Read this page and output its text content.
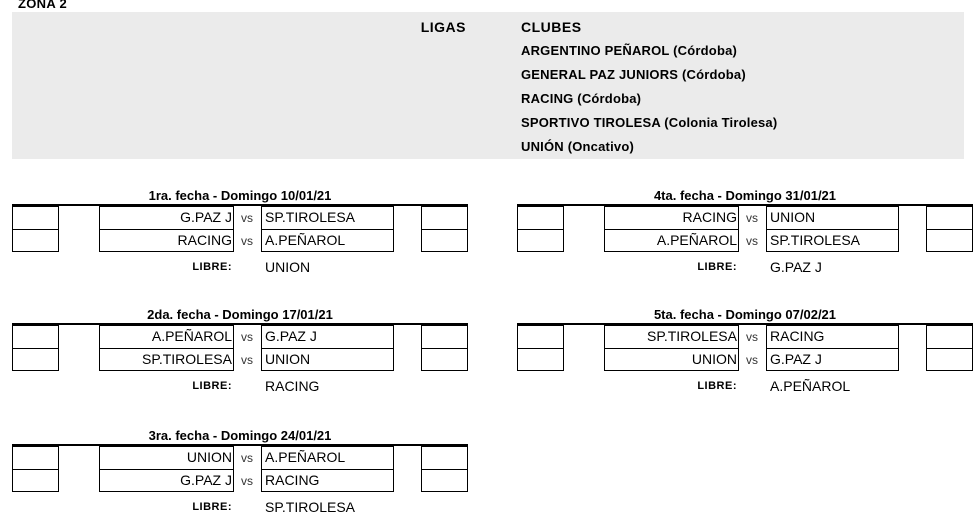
ZONA 2
LIGAS	CLUBES
ARGENTINO PEÑAROL (Córdoba)
GENERAL PAZ JUNIORS (Córdoba)
RACING (Córdoba)
SPORTIVO TIROLESA (Colonia Tirolesa)
UNIÓN (Oncativo)
1ra. fecha - Domingo 10/01/21
G.PAZ J vs SP.TIROLESA
RACING vs A.PEÑAROL
LIBRE: UNION
2da. fecha - Domingo 17/01/21
A.PEÑAROL vs G.PAZ J
SP.TIROLESA vs UNION
LIBRE: RACING
3ra. fecha - Domingo 24/01/21
UNION vs A.PEÑAROL
G.PAZ J vs RACING
LIBRE: SP.TIROLESA
4ta. fecha - Domingo 31/01/21
RACING vs UNION
A.PEÑAROL vs SP.TIROLESA
LIBRE: G.PAZ J
5ta. fecha - Domingo 07/02/21
SP.TIROLESA vs RACING
UNION vs G.PAZ J
LIBRE: A.PEÑAROL
